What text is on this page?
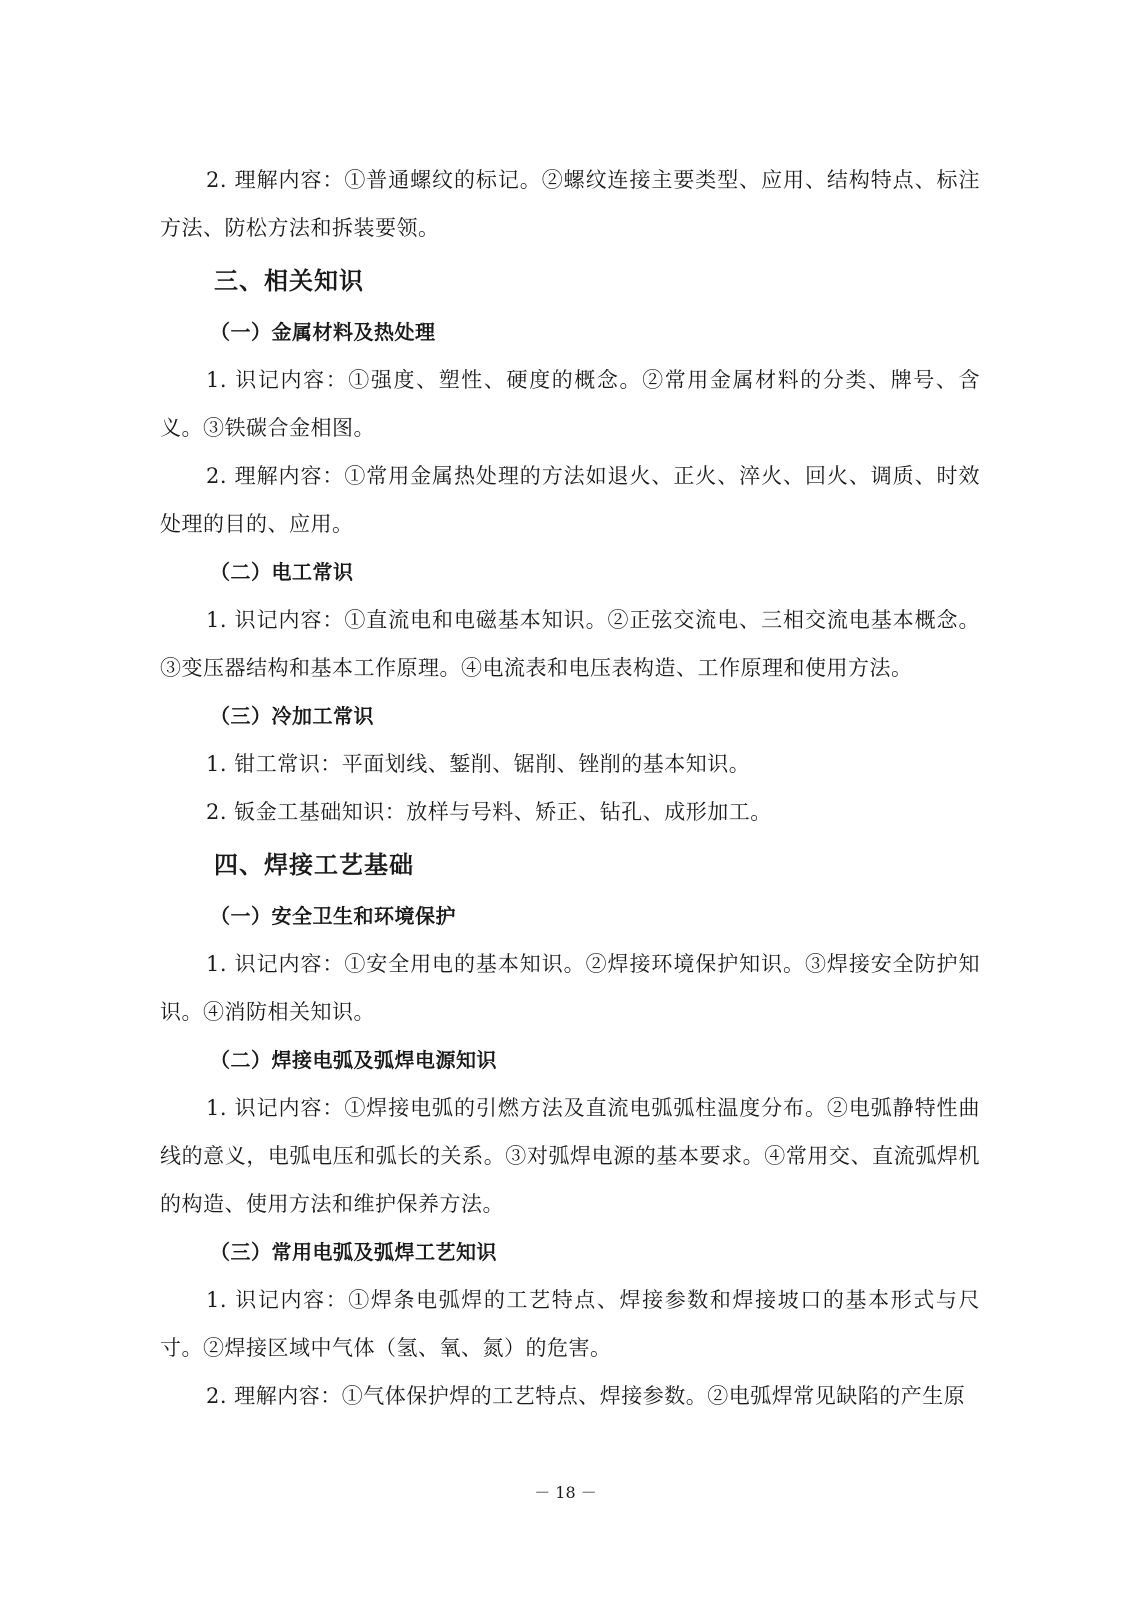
2. 理解内容：①普通螺纹的标记。②螺纹连接主要类型、应用、结构特点、标注方法、防松方法和拆装要领。

三、相关知识
（一）金属材料及热处理

1. 识记内容：①强度、塑性、硬度的概念。②常用金属材料的分类、牌号、含义。③铁碳合金相图。

2. 理解内容：①常用金属热处理的方法如退火、正火、淬火、回火、调质、时效处理的目的、应用。

（二）电工常识

1. 识记内容：①直流电和电磁基本知识。②正弦交流电、三相交流电基本概念。③变压器结构和基本工作原理。④电流表和电压表构造、工作原理和使用方法。

（三）冷加工常识

1. 钳工常识：平面划线、錾削、锯削、锉削的基本知识。

2. 钣金工基础知识：放样与号料、矫正、钻孔、成形加工。

四、焊接工艺基础
（一）安全卫生和环境保护

1. 识记内容：①安全用电的基本知识。②焊接环境保护知识。③焊接安全防护知识。④消防相关知识。

（二）焊接电弧及弧焊电源知识

1. 识记内容：①焊接电弧的引燃方法及直流电弧弧柱温度分布。②电弧静特性曲线的意义，电弧电压和弧长的关系。③对弧焊电源的基本要求。④常用交、直流弧焊机的构造、使用方法和维护保养方法。

（三）常用电弧及弧焊工艺知识

1. 识记内容：①焊条电弧焊的工艺特点、焊接参数和焊接坡口的基本形式与尺寸。②焊接区域中气体（氢、氧、氮）的危害。

2. 理解内容：①气体保护焊的工艺特点、焊接参数。②电弧焊常见缺陷的产生原

－ 18 －
